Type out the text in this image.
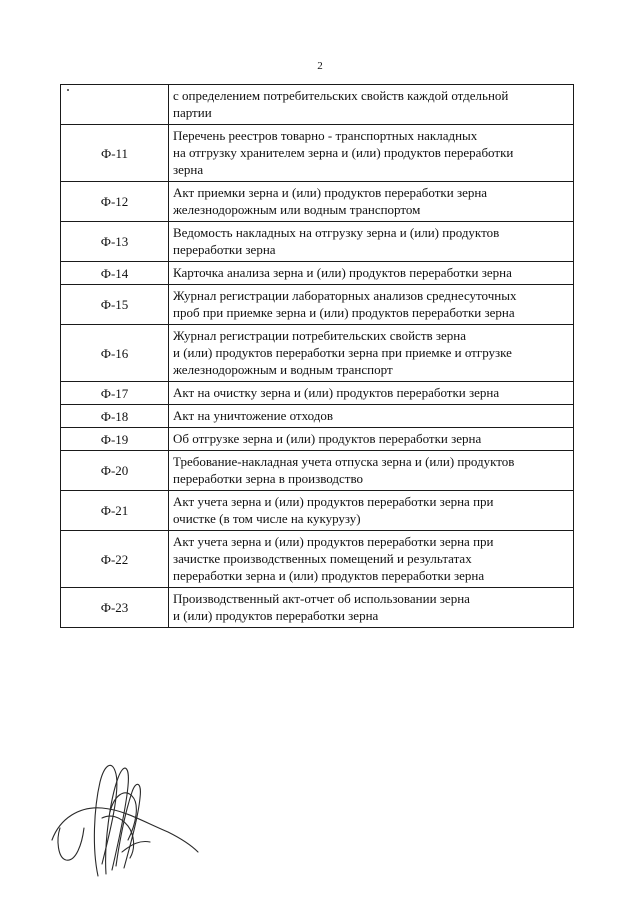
2

	с определением потребительских свойств каждой отдельной
партии

Ф-11	Перечень реестров товарно - транспортных накладных
на отгрузку хранителем зерна и (или) продуктов переработки
зерна

Ф-12	Акт приемки зерна и (или) продуктов переработки зерна
железнодорожным или водным транспортом

Ф-13	Ведомость накладных на отгрузку зерна и (или) продуктов
переработки зерна

Ф-14	Карточка анализа зерна и (или) продуктов переработки зерна

Ф-15	Журнал регистрации лабораторных анализов среднесуточных
проб при приемке зерна и (или) продуктов переработки зерна

Ф-16	Журнал регистрации потребительских свойств зерна
и (или) продуктов переработки зерна при приемке и отгрузке
железнодорожным и водным транспорт

Ф-17	Акт на очистку зерна и (или) продуктов переработки зерна

Ф-18	Акт на уничтожение отходов

Ф-19	Об отгрузке зерна и (или) продуктов переработки зерна

Ф-20	Требование-накладная учета отпуска зерна и (или) продуктов
переработки зерна в производство

Ф-21	Акт учета зерна и (или) продуктов переработки зерна при
очистке (в том числе на кукурузу)

Ф-22	Акт учета зерна и (или) продуктов переработки зерна при
зачистке производственных помещений и результатах
переработки зерна и (или) продуктов переработки зерна

Ф-23	Производственный акт-отчет об использовании зерна
и (или) продуктов переработки зерна
